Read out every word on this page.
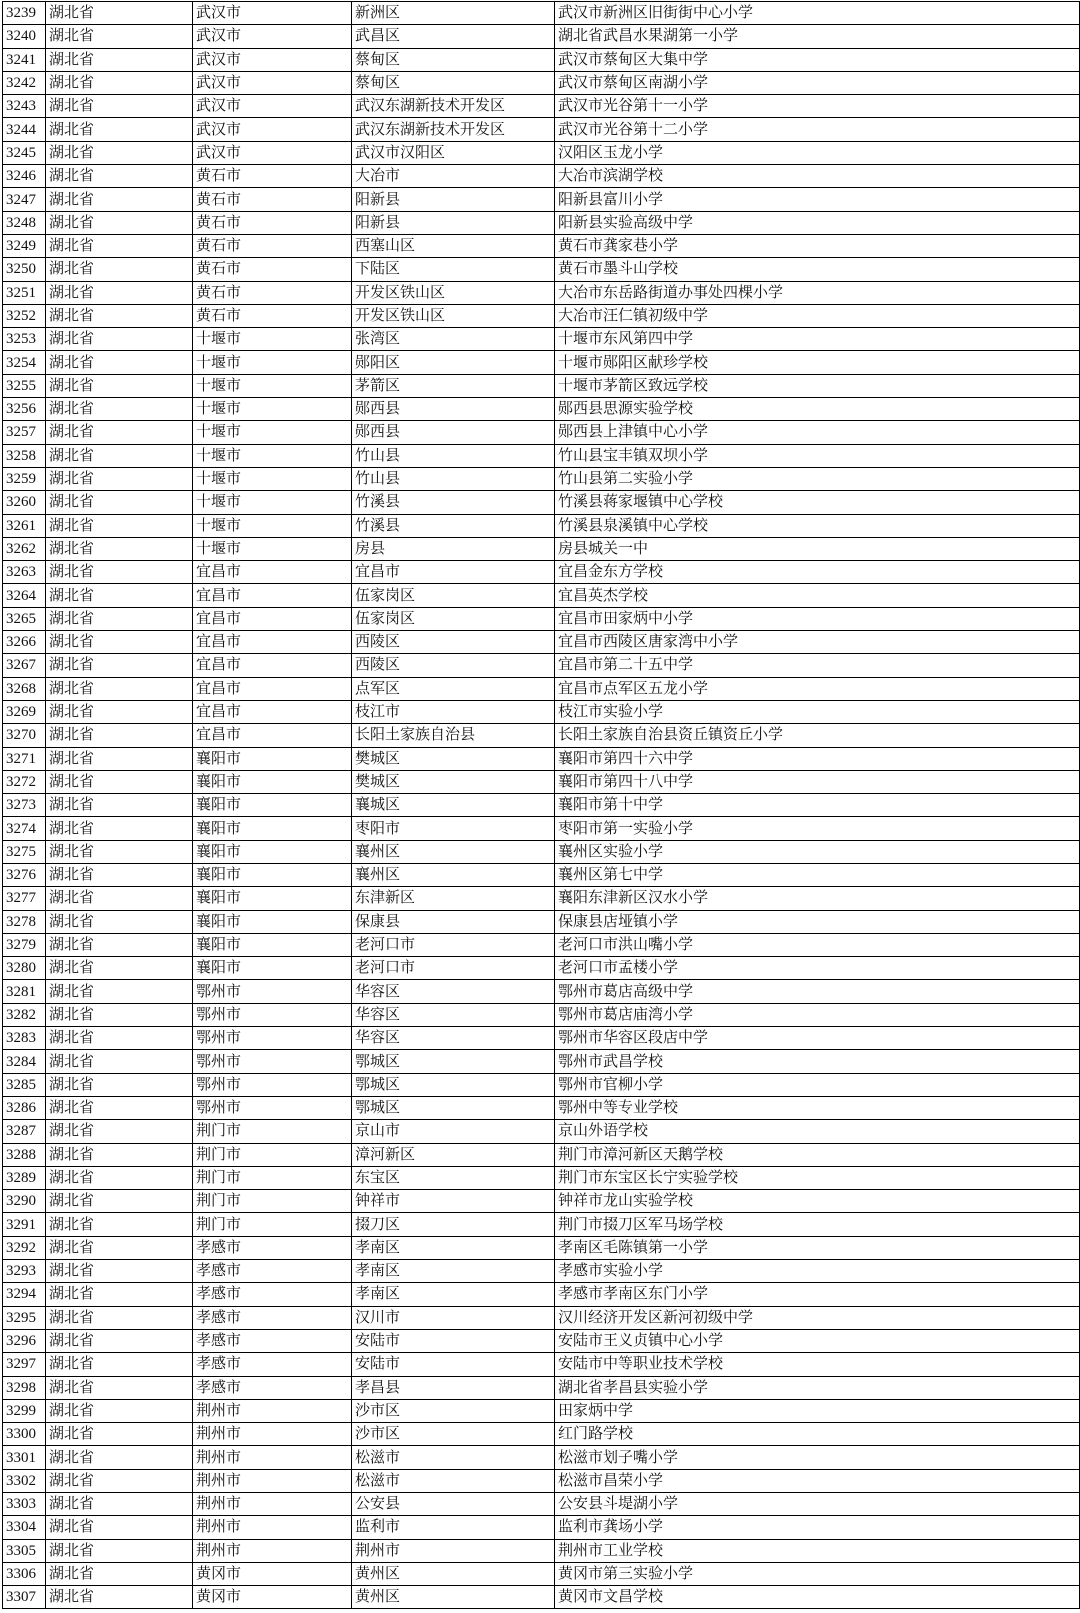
3239	湖北省	武汉市	新洲区	武汉市新洲区旧街街中心小学
3240	湖北省	武汉市	武昌区	湖北省武昌水果湖第一小学
3241	湖北省	武汉市	蔡甸区	武汉市蔡甸区大集中学
3242	湖北省	武汉市	蔡甸区	武汉市蔡甸区南湖小学
3243	湖北省	武汉市	武汉东湖新技术开发区	武汉市光谷第十一小学
3244	湖北省	武汉市	武汉东湖新技术开发区	武汉市光谷第十二小学
3245	湖北省	武汉市	武汉市汉阳区	汉阳区玉龙小学
3246	湖北省	黄石市	大冶市	大冶市滨湖学校
3247	湖北省	黄石市	阳新县	阳新县富川小学
3248	湖北省	黄石市	阳新县	阳新县实验高级中学
3249	湖北省	黄石市	西塞山区	黄石市龚家巷小学
3250	湖北省	黄石市	下陆区	黄石市墨斗山学校
3251	湖北省	黄石市	开发区铁山区	大冶市东岳路街道办事处四棵小学
3252	湖北省	黄石市	开发区铁山区	大冶市汪仁镇初级中学
3253	湖北省	十堰市	张湾区	十堰市东风第四中学
3254	湖北省	十堰市	郧阳区	十堰市郧阳区献珍学校
3255	湖北省	十堰市	茅箭区	十堰市茅箭区致远学校
3256	湖北省	十堰市	郧西县	郧西县思源实验学校
3257	湖北省	十堰市	郧西县	郧西县上津镇中心小学
3258	湖北省	十堰市	竹山县	竹山县宝丰镇双坝小学
3259	湖北省	十堰市	竹山县	竹山县第二实验小学
3260	湖北省	十堰市	竹溪县	竹溪县蒋家堰镇中心学校
3261	湖北省	十堰市	竹溪县	竹溪县泉溪镇中心学校
3262	湖北省	十堰市	房县	房县城关一中
3263	湖北省	宜昌市	宜昌市	宜昌金东方学校
3264	湖北省	宜昌市	伍家岗区	宜昌英杰学校
3265	湖北省	宜昌市	伍家岗区	宜昌市田家炳中小学
3266	湖北省	宜昌市	西陵区	宜昌市西陵区唐家湾中小学
3267	湖北省	宜昌市	西陵区	宜昌市第二十五中学
3268	湖北省	宜昌市	点军区	宜昌市点军区五龙小学
3269	湖北省	宜昌市	枝江市	枝江市实验小学
3270	湖北省	宜昌市	长阳土家族自治县	长阳土家族自治县资丘镇资丘小学
3271	湖北省	襄阳市	樊城区	襄阳市第四十六中学
3272	湖北省	襄阳市	樊城区	襄阳市第四十八中学
3273	湖北省	襄阳市	襄城区	襄阳市第十中学
3274	湖北省	襄阳市	枣阳市	枣阳市第一实验小学
3275	湖北省	襄阳市	襄州区	襄州区实验小学
3276	湖北省	襄阳市	襄州区	襄州区第七中学
3277	湖北省	襄阳市	东津新区	襄阳东津新区汉水小学
3278	湖北省	襄阳市	保康县	保康县店垭镇小学
3279	湖北省	襄阳市	老河口市	老河口市洪山嘴小学
3280	湖北省	襄阳市	老河口市	老河口市孟楼小学
3281	湖北省	鄂州市	华容区	鄂州市葛店高级中学
3282	湖北省	鄂州市	华容区	鄂州市葛店庙湾小学
3283	湖北省	鄂州市	华容区	鄂州市华容区段店中学
3284	湖北省	鄂州市	鄂城区	鄂州市武昌学校
3285	湖北省	鄂州市	鄂城区	鄂州市官柳小学
3286	湖北省	鄂州市	鄂城区	鄂州中等专业学校
3287	湖北省	荆门市	京山市	京山外语学校
3288	湖北省	荆门市	漳河新区	荆门市漳河新区天鹅学校
3289	湖北省	荆门市	东宝区	荆门市东宝区长宁实验学校
3290	湖北省	荆门市	钟祥市	钟祥市龙山实验学校
3291	湖北省	荆门市	掇刀区	荆门市掇刀区军马场学校
3292	湖北省	孝感市	孝南区	孝南区毛陈镇第一小学
3293	湖北省	孝感市	孝南区	孝感市实验小学
3294	湖北省	孝感市	孝南区	孝感市孝南区东门小学
3295	湖北省	孝感市	汉川市	汉川经济开发区新河初级中学
3296	湖北省	孝感市	安陆市	安陆市王义贞镇中心小学
3297	湖北省	孝感市	安陆市	安陆市中等职业技术学校
3298	湖北省	孝感市	孝昌县	湖北省孝昌县实验小学
3299	湖北省	荆州市	沙市区	田家炳中学
3300	湖北省	荆州市	沙市区	红门路学校
3301	湖北省	荆州市	松滋市	松滋市划子嘴小学
3302	湖北省	荆州市	松滋市	松滋市昌荣小学
3303	湖北省	荆州市	公安县	公安县斗堤湖小学
3304	湖北省	荆州市	监利市	监利市龚场小学
3305	湖北省	荆州市	荆州市	荆州市工业学校
3306	湖北省	黄冈市	黄州区	黄冈市第三实验小学
3307	湖北省	黄冈市	黄州区	黄冈市文昌学校
